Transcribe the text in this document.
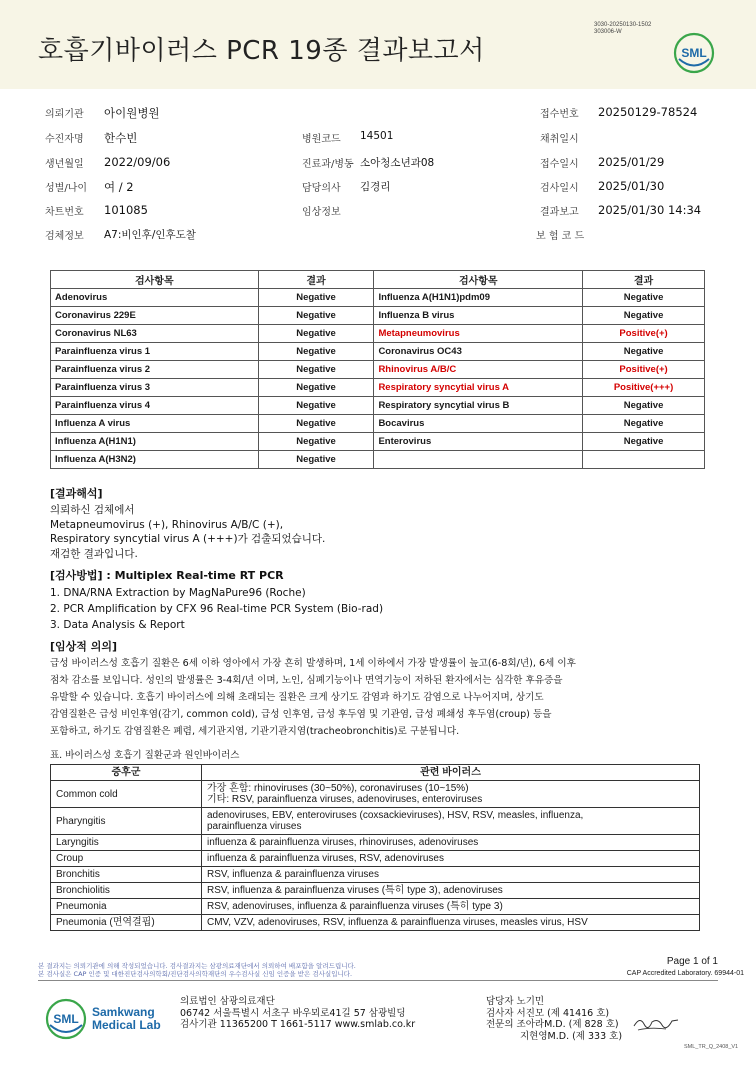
호흡기바이러스 PCR 19종 결과보고서
3030-20250130-1502
303006-W
SML
의뢰기관 아이원병원	접수번호 20250129-78524
수진자명 한수빈	병원코드 14501	채취일시
생년월일 2022/09/06	진료과/병동 소아청소년과08	접수일시 2025/01/29
성별/나이 여 / 2	담당의사 김경리	검사일시 2025/01/30
차트번호 101085	임상정보	결과보고 2025/01/30 14:34
검체정보 A7:비인후/인후도찰	보 험 코 드
검사항목	결과	검사항목	결과
Adenovirus	Negative	Influenza A(H1N1)pdm09	Negative
Coronavirus 229E	Negative	Influenza B virus	Negative
Coronavirus NL63	Negative	Metapneumovirus	Positive(+)
Parainfluenza virus 1	Negative	Coronavirus OC43	Negative
Parainfluenza virus 2	Negative	Rhinovirus A/B/C	Positive(+)
Parainfluenza virus 3	Negative	Respiratory syncytial virus A	Positive(+++)
Parainfluenza virus 4	Negative	Respiratory syncytial virus B	Negative
Influenza A virus	Negative	Bocavirus	Negative
Influenza A(H1N1)	Negative	Enterovirus	Negative
Influenza A(H3N2)	Negative		
[결과해석]
의뢰하신 검체에서
Metapneumovirus (+), Rhinovirus A/B/C (+),
Respiratory syncytial virus A (+++)가 검출되었습니다.
재검한 결과입니다.
[검사방법] : Multiplex Real-time RT PCR
1. DNA/RNA Extraction by MagNaPure96 (Roche)
2. PCR Amplification by CFX 96 Real-time PCR System (Bio-rad)
3. Data Analysis & Report
[임상적 의의]
급성 바이러스성 호흡기 질환은 6세 이하 영아에서 가장 흔히 발생하며, 1세 이하에서 가장 발생률이 높고(6-8회/년), 6세 이후
점차 감소를 보입니다. 성인의 발생률은 3-4회/년 이며, 노인, 심폐기능이나 면역기능이 저하된 환자에서는 심각한 후유증을
유발할 수 있습니다. 호흡기 바이러스에 의해 초래되는 질환은 크게 상기도 감염과 하기도 감염으로 나누어지며, 상기도
감염질환은 급성 비인후염(감기, common cold), 급성 인후염, 급성 후두염 및 기관염, 급성 폐쇄성 후두염(croup) 등을
포함하고, 하기도 감염질환은 폐렴, 세기관지염, 기관기관지염(tracheobronchitis)로 구분됩니다.
표. 바이러스성 호흡기 질환군과 원인바이러스
증후군	관련 바이러스
Common cold	가장 흔함: rhinoviruses (30~50%), coronaviruses (10~15%)
기타: RSV, parainfluenza viruses, adenoviruses, enteroviruses

Pharyngitis	adenoviruses, EBV, enteroviruses (coxsackieviruses), HSV, RSV, measles, influenza,
parainfluenza viruses

Laryngitis	influenza & parainfluenza viruses, rhinoviruses, adenoviruses

Croup	influenza & parainfluenza viruses, RSV, adenoviruses

Bronchitis	RSV, influenza & parainfluenza viruses

Bronchiolitis	RSV, influenza & parainfluenza viruses (특히 type 3), adenoviruses

Pneumonia	RSV, adenoviruses, influenza & parainfluenza viruses (특히 type 3)

Pneumonia (면역결핍)	CMV, VZV, adenoviruses, RSV, influenza & parainfluenza viruses, measles virus, HSV
본 결과지는 의뢰기관에 의해 작성되었습니다. 검사결과지는 삼광의료재단에서 의뢰하여 배포함을 알려드립니다.
본 검사실은 CAP 인증 및 대한진단검사의학회/진단검사의학재단의 우수검사실 신임 인증을 받은 검사실입니다.
Page 1 of 1
CAP Accredited Laboratory. 69944-01
SML Samkwang
Medical Lab
의료법인 삼광의료재단
06742 서울특별시 서초구 바우뫼로41길 57 삼광빌딩
검사기관 11365200 T 1661-5117 www.smlab.co.kr
담당자 노기민
검사자 서진모 (제 41416 호)
전문의 조아라M.D. (제 828 호)
지현영M.D. (제 333 호)
SML_TR_Q_2408_V1
